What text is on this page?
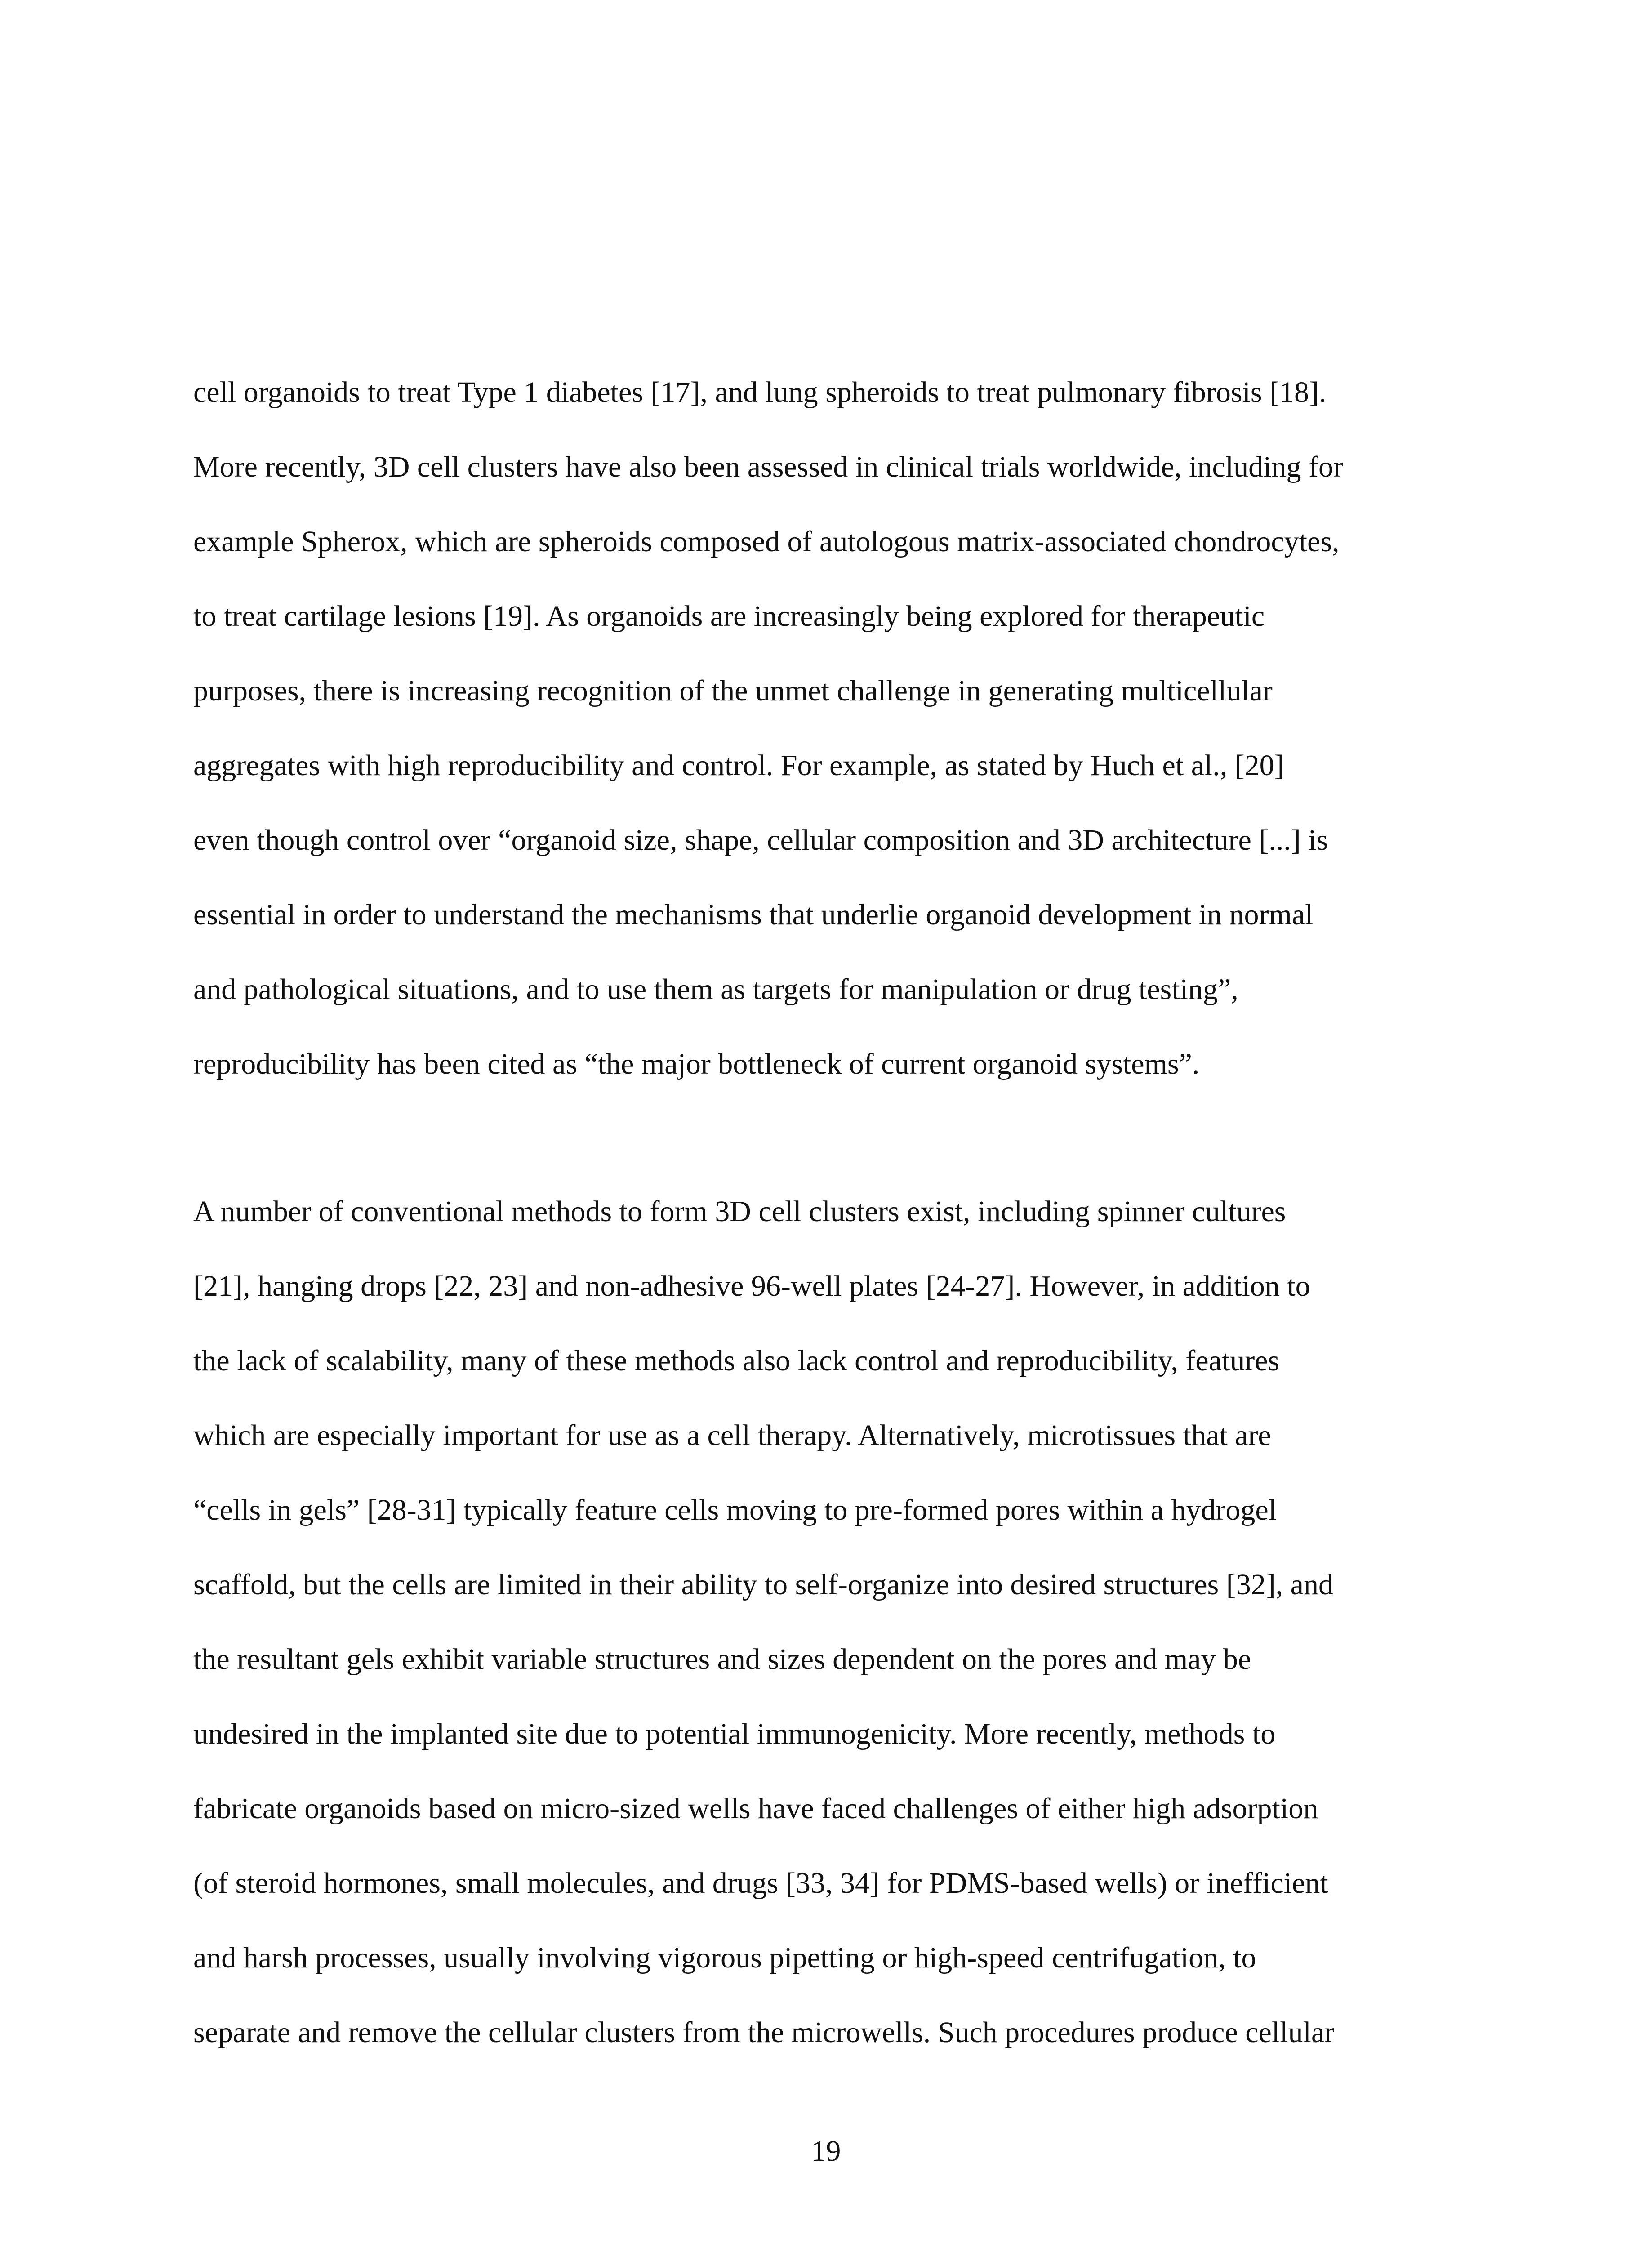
cell organoids to treat Type 1 diabetes [17], and lung spheroids to treat pulmonary fibrosis [18].
More recently, 3D cell clusters have also been assessed in clinical trials worldwide, including for
example Spherox, which are spheroids composed of autologous matrix-associated chondrocytes,
to treat cartilage lesions [19]. As organoids are increasingly being explored for therapeutic
purposes, there is increasing recognition of the unmet challenge in generating multicellular
aggregates with high reproducibility and control. For example, as stated by Huch et al., [20]
even though control over “organoid size, shape, cellular composition and 3D architecture [...] is
essential in order to understand the mechanisms that underlie organoid development in normal
and pathological situations, and to use them as targets for manipulation or drug testing”,
reproducibility has been cited as “the major bottleneck of current organoid systems”.
A number of conventional methods to form 3D cell clusters exist, including spinner cultures
[21], hanging drops [22, 23] and non-adhesive 96-well plates [24-27]. However, in addition to
the lack of scalability, many of these methods also lack control and reproducibility, features
which are especially important for use as a cell therapy. Alternatively, microtissues that are
“cells in gels” [28-31] typically feature cells moving to pre-formed pores within a hydrogel
scaffold, but the cells are limited in their ability to self-organize into desired structures [32], and
the resultant gels exhibit variable structures and sizes dependent on the pores and may be
undesired in the implanted site due to potential immunogenicity. More recently, methods to
fabricate organoids based on micro-sized wells have faced challenges of either high adsorption
(of steroid hormones, small molecules, and drugs [33, 34] for PDMS-based wells) or inefficient
and harsh processes, usually involving vigorous pipetting or high-speed centrifugation, to
separate and remove the cellular clusters from the microwells. Such procedures produce cellular
19
